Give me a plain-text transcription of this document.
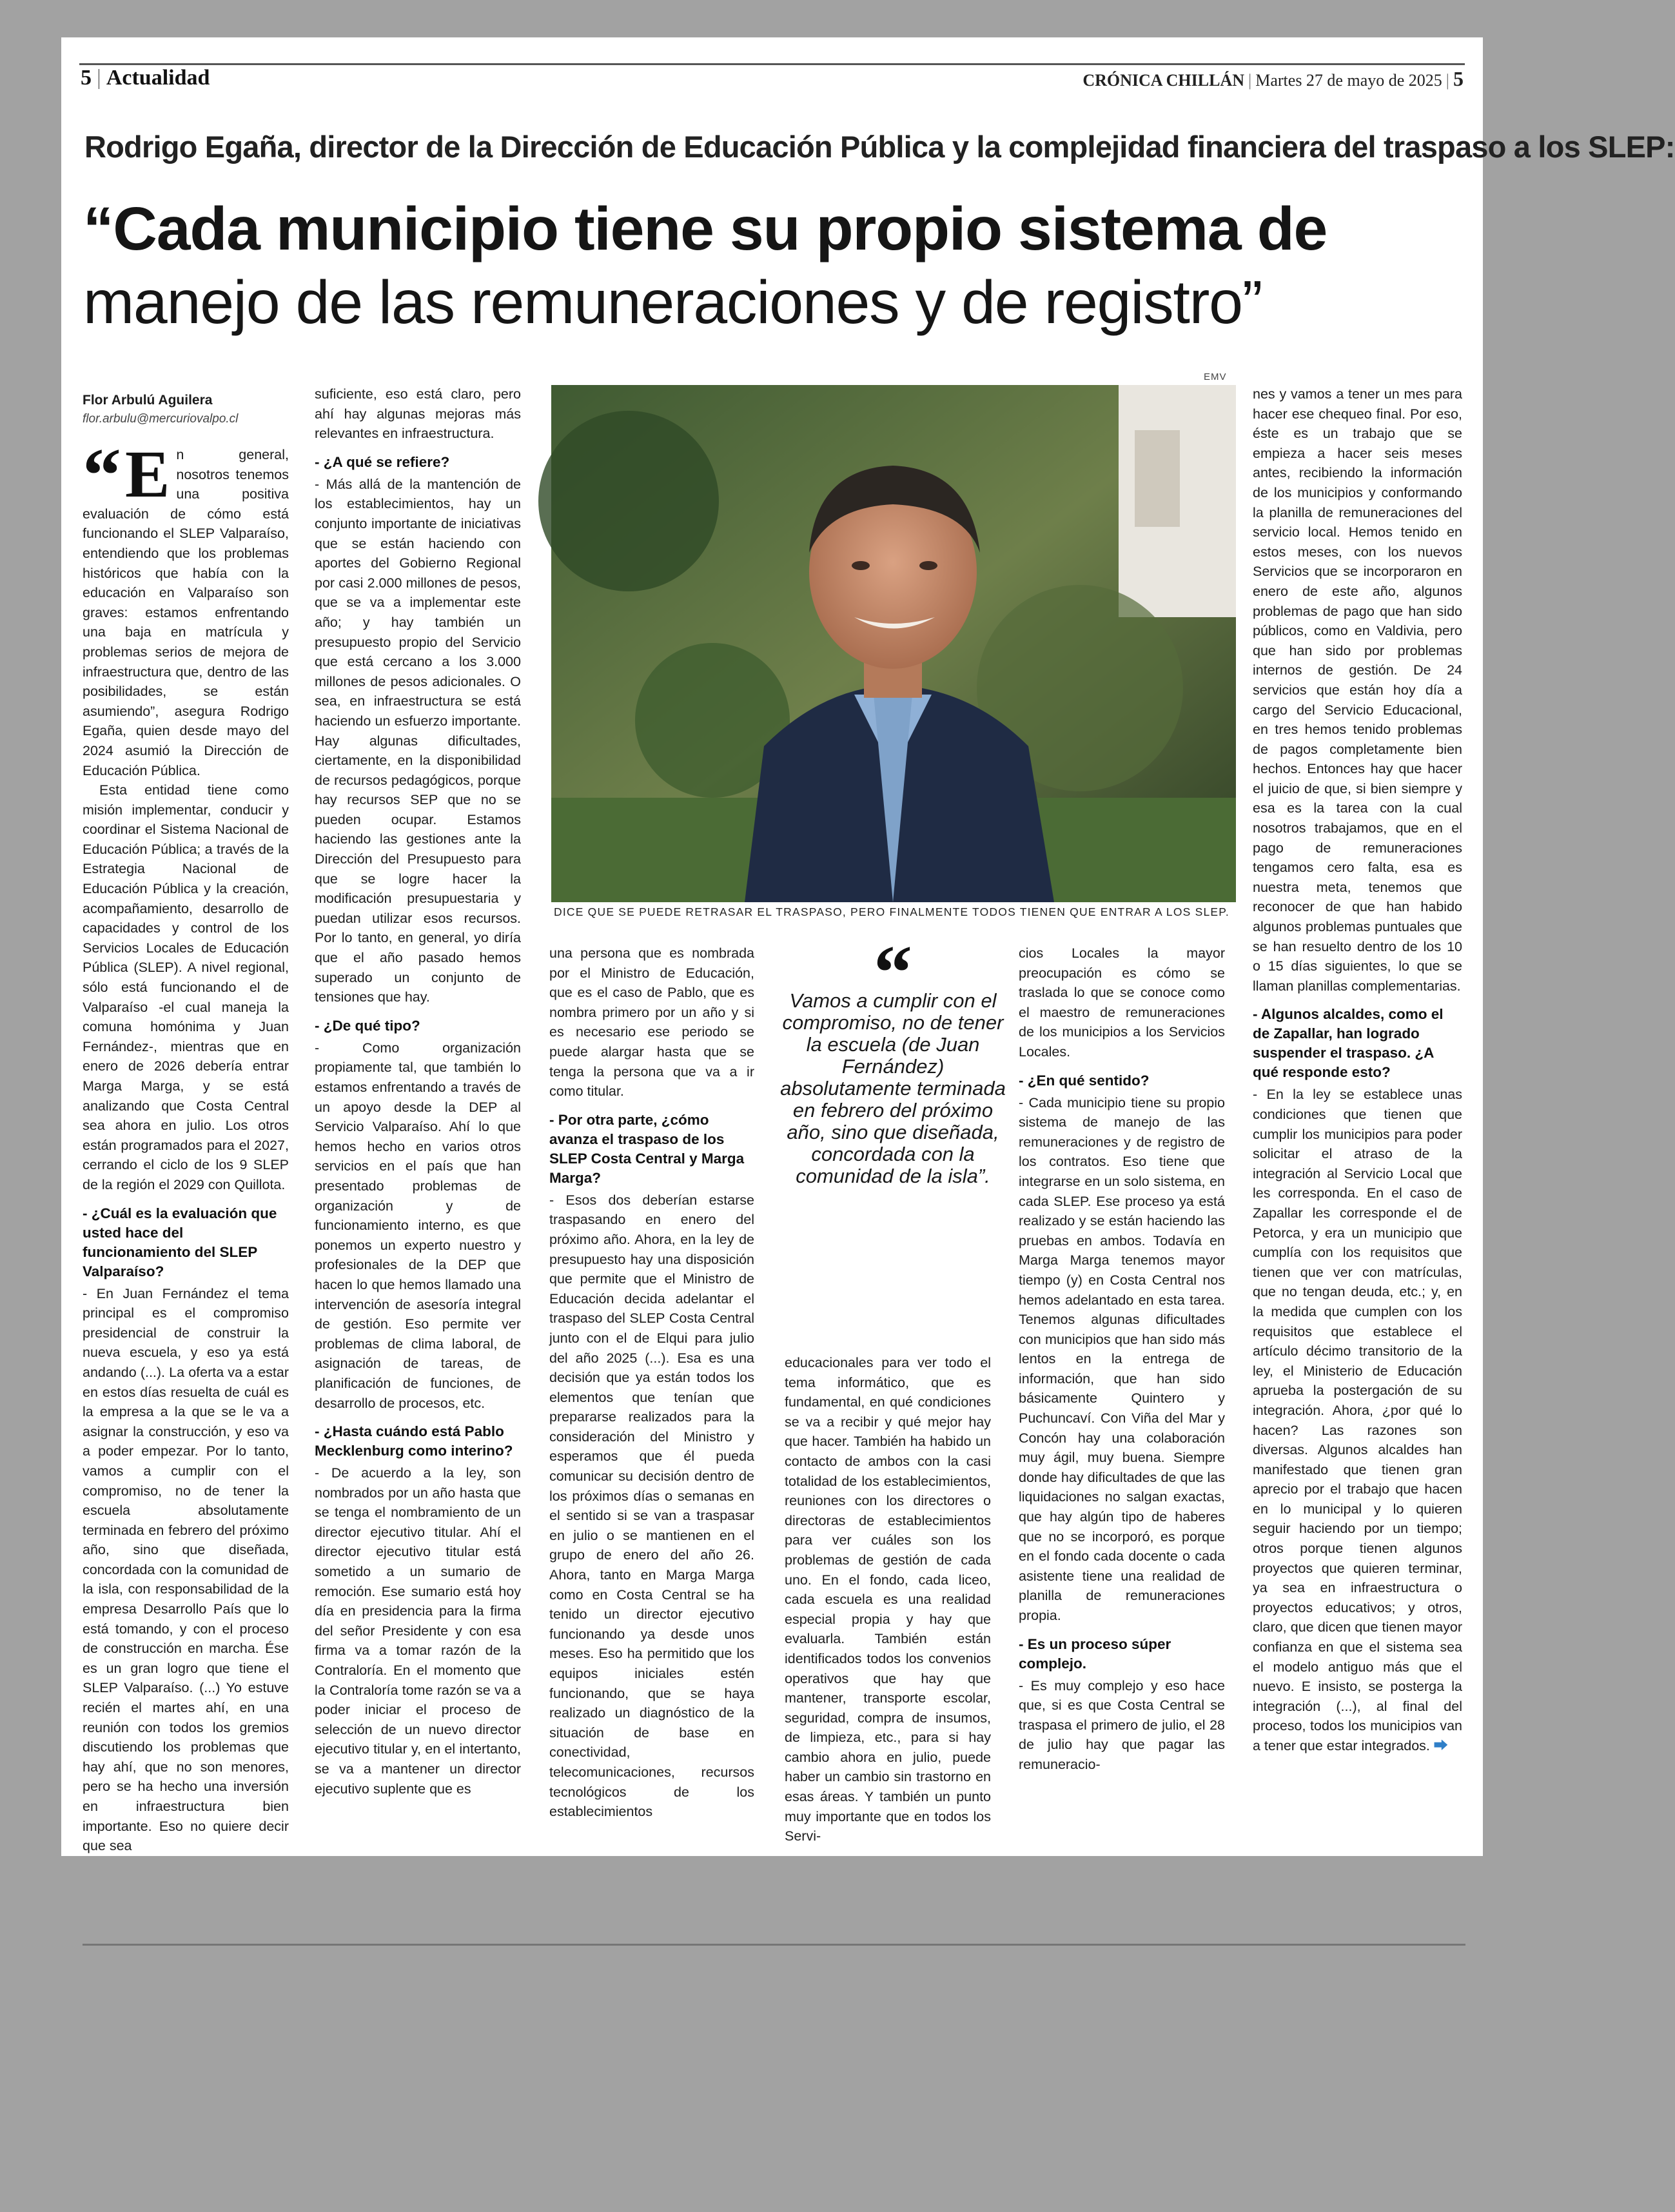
5 | Actualidad	CRÓNICA CHILLÁN | Martes 27 de mayo de 2025 | 5
Rodrigo Egaña, director de la Dirección de Educación Pública y la complejidad financiera del traspaso a los SLEP:
“Cada municipio tiene su propio sistema de
manejo de las remuneraciones y de registro”
Flor Arbulú Aguilera
flor.arbulu@mercuriovalpo.cl
“ E n general, nosotros tenemos una positiva evaluación de cómo está funcionando el SLEP Valparaíso, entendiendo que los problemas históricos que había con la educación en Valparaíso son graves: estamos enfrentando una baja en matrícula y problemas serios de mejora de infraestructura que, dentro de las posibilidades, se están asumiendo”, asegura Rodrigo Egaña, quien desde mayo del 2024 asumió la Dirección de Educación Pública.

Esta entidad tiene como misión implementar, conducir y coordinar el Sistema Nacional de Educación Pública; a través de la Estrategia Nacional de Educación Pública y la creación, acompañamiento, desarrollo de capacidades y control de los Servicios Locales de Educación Pública (SLEP). A nivel regional, sólo está funcionando el de Valparaíso -el cual maneja la comuna homónima y Juan Fernández-, mientras que en enero de 2026 debería entrar Marga Marga, y se está analizando que Costa Central sea ahora en julio. Los otros están programados para el 2027, cerrando el ciclo de los 9 SLEP de la región el 2029 con Quillota.

- ¿Cuál es la evaluación que usted hace del funcionamiento del SLEP Valparaíso?

- En Juan Fernández el tema principal es el compromiso presidencial de construir la nueva escuela, y eso ya está andando (...). La oferta va a estar en estos días resuelta de cuál es la empresa a la que se le va a asignar la construcción, y eso va a poder empezar. Por lo tanto, vamos a cumplir con el compromiso, no de tener la escuela absolutamente terminada en febrero del próximo año, sino que diseñada, concordada con la comunidad de la isla, con responsabilidad de la empresa Desarrollo País que lo está tomando, y con el proceso de construcción en marcha. Ése es un gran logro que tiene el SLEP Valparaíso. (...) Yo estuve recién el martes ahí, en una reunión con todos los gremios discutiendo los problemas que hay ahí, que no son menores, pero se ha hecho una inversión en infraestructura bien importante. Eso no quiere decir que sea

suficiente, eso está claro, pero ahí hay algunas mejoras más relevantes en infraestructura.

- ¿A qué se refiere?

- Más allá de la mantención de los establecimientos, hay un conjunto importante de iniciativas que se están haciendo con aportes del Gobierno Regional por casi 2.000 millones de pesos, que se va a implementar este año; y hay también un presupuesto propio del Servicio que está cercano a los 3.000 millones de pesos adicionales. O sea, en infraestructura se está haciendo un esfuerzo importante. Hay algunas dificultades, ciertamente, en la disponibilidad de recursos pedagógicos, porque hay recursos SEP que no se pueden ocupar. Estamos haciendo las gestiones ante la Dirección del Presupuesto para que se logre hacer la modificación presupuestaria y puedan utilizar esos recursos. Por lo tanto, en general, yo diría que el año pasado hemos superado un conjunto de tensiones que hay.

- ¿De qué tipo?

- Como organización propiamente tal, que también lo estamos enfrentando a través de un apoyo desde la DEP al Servicio Valparaíso. Ahí lo que hemos hecho en varios otros servicios en el país que han presentado problemas de organización y de funcionamiento interno, es que ponemos un experto nuestro y profesionales de la DEP que hacen lo que hemos llamado una intervención de asesoría integral de gestión. Eso permite ver problemas de clima laboral, de asignación de tareas, de planificación de funciones, de desarrollo de procesos, etc.

- ¿Hasta cuándo está Pablo Mecklenburg como interino?

- De acuerdo a la ley, son nombrados por un año hasta que se tenga el nombramiento de un director ejecutivo titular. Ahí el director ejecutivo titular está sometido a un sumario de remoción. Ese sumario está hoy día en presidencia para la firma del señor Presidente y con esa firma va a tomar razón de la Contraloría. En el momento que la Contraloría tome razón se va a poder iniciar el proceso de selección de un nuevo director ejecutivo titular y, en el intertanto, se va a mantener un director ejecutivo suplente que es

EMV
DICE QUE SE PUEDE RETRASAR EL TRASPASO, PERO FINALMENTE TODOS TIENEN QUE ENTRAR A LOS SLEP.

una persona que es nombrada por el Ministro de Educación, que es el caso de Pablo, que es nombra primero por un año y si es necesario ese periodo se puede alargar hasta que se tenga la persona que va a ir como titular.

- Por otra parte, ¿cómo avanza el traspaso de los SLEP Costa Central y Marga Marga?

- Esos dos deberían estarse traspasando en enero del próximo año. Ahora, en la ley de presupuesto hay una disposición que permite que el Ministro de Educación decida adelantar el traspaso del SLEP Costa Central junto con el de Elqui para julio del año 2025 (...). Esa es una decisión que ya están todos los elementos que tenían que prepararse realizados para la consideración del Ministro y esperamos que él pueda comunicar su decisión dentro de los próximos días o semanas en el sentido si se van a traspasar en julio o se mantienen en el grupo de enero del año 26. Ahora, tanto en Marga Marga como en Costa Central se ha tenido un director ejecutivo funcionando ya desde unos meses. Eso ha permitido que los equipos iniciales estén funcionando, que se haya realizado un diagnóstico de la situación de base en conectividad, telecomunicaciones, recursos tecnológicos de los establecimientos

“
Vamos a cumplir con el compromiso, no de tener la escuela (de Juan Fernández) absolutamente terminada en febrero del próximo año, sino que diseñada, concordada con la comunidad de la isla”.

educacionales para ver todo el tema informático, que es fundamental, en qué condiciones se va a recibir y qué mejor hay que hacer. También ha habido un contacto de ambos con la casi totalidad de los establecimientos, reuniones con los directores o directoras de establecimientos para ver cuáles son los problemas de gestión de cada uno. En el fondo, cada liceo, cada escuela es una realidad especial propia y hay que evaluarla. También están identificados todos los convenios operativos que hay que mantener, transporte escolar, seguridad, compra de insumos, de limpieza, etc., para si hay cambio ahora en julio, puede haber un cambio sin trastorno en esas áreas. Y también un punto muy importante que en todos los Servi-

cios Locales la mayor preocupación es cómo se traslada lo que se conoce como el maestro de remuneraciones de los municipios a los Servicios Locales.

- ¿En qué sentido?

- Cada municipio tiene su propio sistema de manejo de las remuneraciones y de registro de los contratos. Eso tiene que integrarse en un solo sistema, en cada SLEP. Ese proceso ya está realizado y se están haciendo las pruebas en ambos. Todavía en Marga Marga tenemos mayor tiempo (y) en Costa Central nos hemos adelantado en esta tarea. Tenemos algunas dificultades con municipios que han sido más lentos en la entrega de información, que han sido básicamente Quintero y Puchuncaví. Con Viña del Mar y Concón hay una colaboración muy ágil, muy buena. Siempre donde hay dificultades de que las liquidaciones no salgan exactas, que hay algún tipo de haberes que no se incorporó, es porque en el fondo cada docente o cada asistente tiene una realidad de planilla de remuneraciones propia.

- Es un proceso súper complejo.

- Es muy complejo y eso hace que, si es que Costa Central se traspasa el primero de julio, el 28 de julio hay que pagar las remuneracio-

nes y vamos a tener un mes para hacer ese chequeo final. Por eso, éste es un trabajo que se empieza a hacer seis meses antes, recibiendo la información de los municipios y conformando la planilla de remuneraciones del servicio local. Hemos tenido en estos meses, con los nuevos Servicios que se incorporaron en enero de este año, algunos problemas de pago que han sido públicos, como en Valdivia, pero que han sido por problemas internos de gestión. De 24 servicios que están hoy día a cargo del Servicio Educacional, en tres hemos tenido problemas de pagos completamente bien hechos. Entonces hay que hacer el juicio de que, si bien siempre y esa es la tarea con la cual nosotros trabajamos, que en el pago de remuneraciones tengamos cero falta, esa es nuestra meta, tenemos que reconocer de que han habido algunos problemas puntuales que se han resuelto dentro de los 10 o 15 días siguientes, lo que se llaman planillas complementarias.

- Algunos alcaldes, como el de Zapallar, han logrado suspender el traspaso. ¿A qué responde esto?

- En la ley se establece unas condiciones que tienen que cumplir los municipios para poder solicitar el atraso de la integración al Servicio Local que les corresponda. En el caso de Zapallar les corresponde el de Petorca, y era un municipio que cumplía con los requisitos que tienen que ver con matrículas, que no tengan deuda, etc.; y, en la medida que cumplen con los requisitos que establece el artículo décimo transitorio de la ley, el Ministerio de Educación aprueba la postergación de su integración. Ahora, ¿por qué lo hacen? Las razones son diversas. Algunos alcaldes han manifestado que tienen gran aprecio por el trabajo que hacen en lo municipal y lo quieren seguir haciendo por un tiempo; otros porque tienen algunos proyectos que quieren terminar, ya sea en infraestructura o proyectos educativos; y otros, claro, que dicen que tienen mayor confianza en que el sistema sea el modelo antiguo más que el nuevo. E insisto, se posterga la integración (...), al final del proceso, todos los municipios van a tener que estar integrados. ⮕
